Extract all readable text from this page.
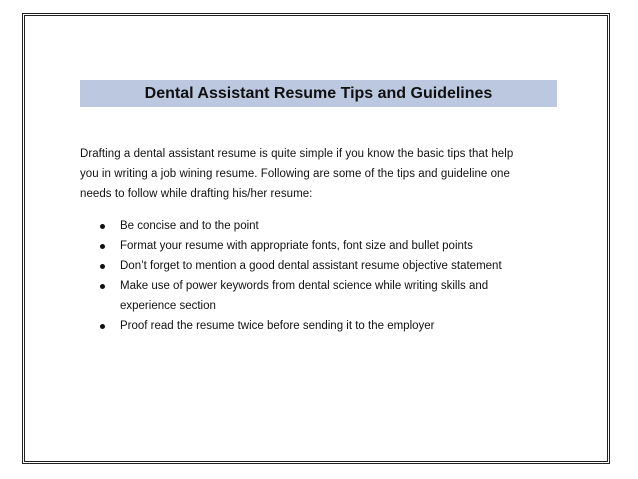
Dental Assistant Resume Tips and Guidelines
Drafting a dental assistant resume is quite simple if you know the basic tips that help
you in writing a job wining resume. Following are some of the tips and guideline one
needs to follow while drafting his/her resume:
Be concise and to the point
Format your resume with appropriate fonts, font size and bullet points
Don’t forget to mention a good dental assistant resume objective statement
Make use of power keywords from dental science while writing skills and
experience section
Proof read the resume twice before sending it to the employer
